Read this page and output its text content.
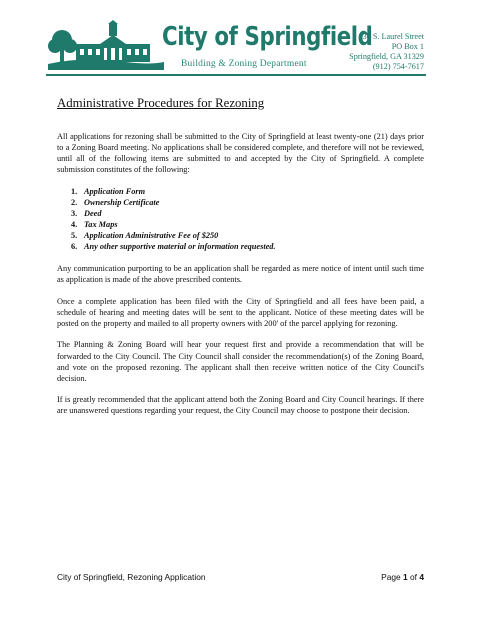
City of Springfield
Building & Zoning Department
130 S. Laurel Street
PO Box 1
Springfield, GA 31329
(912) 754-7617
Administrative Procedures for Rezoning

All applications for rezoning shall be submitted to the City of Springfield at least twenty-one (21) days prior to a Zoning Board meeting. No applications shall be considered complete, and therefore will not be reviewed, until all of the following items are submitted to and accepted by the City of Springfield. A complete submission constitutes of the following:

1. Application Form
2. Ownership Certificate
3. Deed
4. Tax Maps
5. Application Administrative Fee of $250
6. Any other supportive material or information requested.

Any communication purporting to be an application shall be regarded as mere notice of intent until such time as application is made of the above prescribed contents.

Once a complete application has been filed with the City of Springfield and all fees have been paid, a schedule of hearing and meeting dates will be sent to the applicant. Notice of these meeting dates will be posted on the property and mailed to all property owners with 200' of the parcel applying for rezoning.

The Planning & Zoning Board will hear your request first and provide a recommendation that will be forwarded to the City Council. The City Council shall consider the recommendation(s) of the Zoning Board, and vote on the proposed rezoning. The applicant shall then receive written notice of the City Council's decision.

If is greatly recommended that the applicant attend both the Zoning Board and City Council hearings. If there are unanswered questions regarding your request, the City Council may choose to postpone their decision.

City of Springfield, Rezoning Application	Page 1 of 4
